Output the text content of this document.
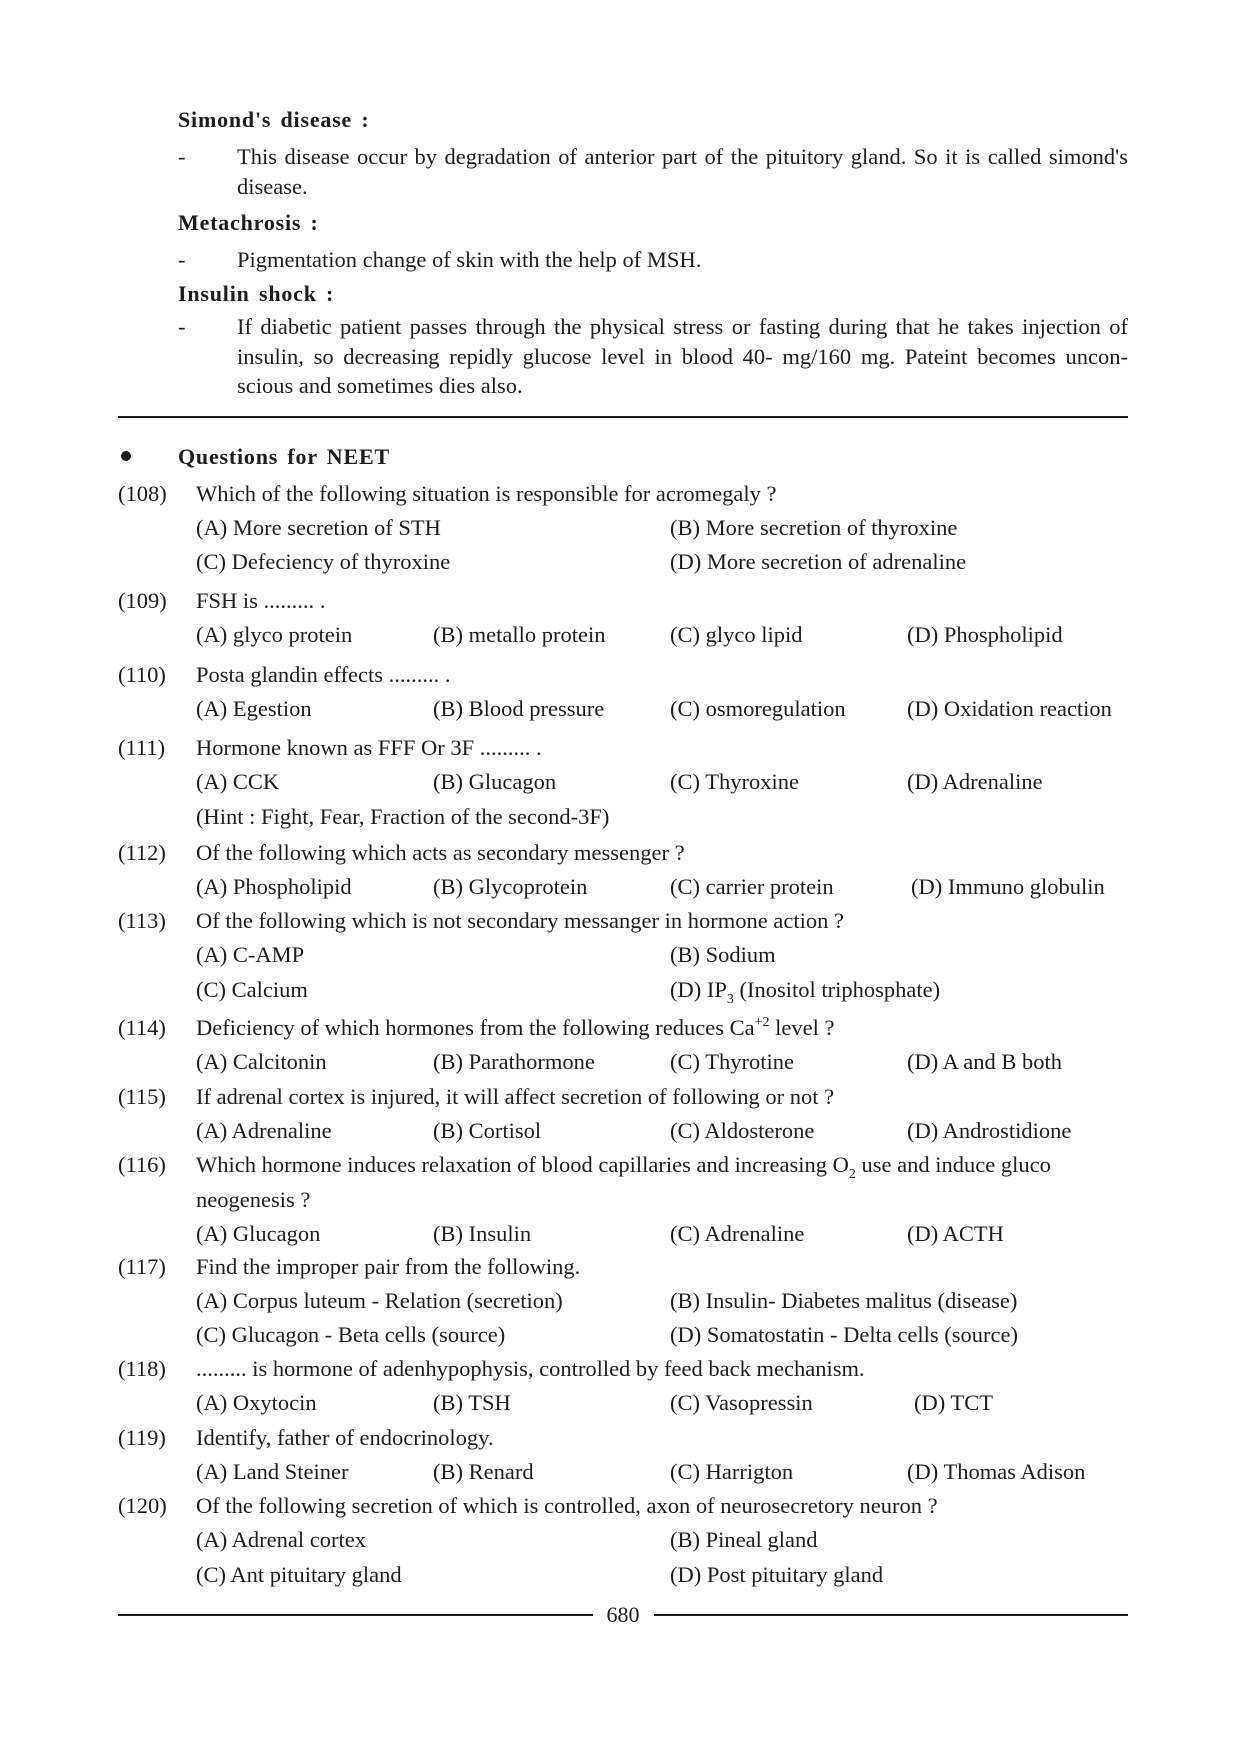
Simond's disease :
- This disease occur by degradation of anterior part of the pituitory gland. So it is called simond's
disease.
Metachrosis :
- Pigmentation change of skin with the help of MSH.
Insulin shock :
- If diabetic patient passes through the physical stress or fasting during that he takes injection of
insulin, so decreasing repidly glucose level in blood 40- mg/160 mg. Pateint becomes uncon-
scious and sometimes dies also.
Questions for NEET
(108) Which of the following situation is responsible for acromegaly ?
(A) More secretion of STH	(B) More secretion of thyroxine
(C) Defeciency of thyroxine	(D) More secretion of adrenaline
(109) FSH is ......... .
(A) glyco protein	(B) metallo protein	(C) glyco lipid	(D) Phospholipid
(110) Posta glandin effects ......... .
(A) Egestion	(B) Blood pressure	(C) osmoregulation	(D) Oxidation reaction
(111) Hormone known as FFF Or 3F ......... .
(A) CCK	(B) Glucagon	(C) Thyroxine	(D) Adrenaline
(Hint : Fight, Fear, Fraction of the second-3F)
(112) Of the following which acts as secondary messenger ?
(A) Phospholipid	(B) Glycoprotein	(C) carrier protein	(D) Immuno globulin
(113) Of the following which is not secondary messanger in hormone action ?
(A) C-AMP	(B) Sodium
(C) Calcium	(D) $IP_3$ (Inositol triphosphate)
(114) Deficiency of which hormones from the following reduces $Ca^{+2}$ level ?
(A) Calcitonin	(B) Parathormone	(C) Thyrotine	(D) A and B both
(115) If adrenal cortex is injured, it will affect secretion of following or not ?
(A) Adrenaline	(B) Cortisol	(C) Aldosterone	(D) Androstidione
(116) Which hormone induces relaxation of blood capillaries and increasing $O_2$ use and induce gluco
neogenesis ?
(A) Glucagon	(B) Insulin	(C) Adrenaline	(D) ACTH
(117) Find the improper pair from the following.
(A) Corpus luteum - Relation (secretion)	(B) Insulin- Diabetes malitus (disease)
(C) Glucagon - Beta cells (source)	(D) Somatostatin - Delta cells (source)
(118) ......... is hormone of adenhypophysis, controlled by feed back mechanism.
(A) Oxytocin	(B) TSH	(C) Vasopressin	(D) TCT
(119) Identify, father of endocrinology.
(A) Land Steiner	(B) Renard	(C) Harrigton	(D) Thomas Adison
(120) Of the following secretion of which is controlled, axon of neurosecretory neuron ?
(A) Adrenal cortex	(B) Pineal gland
(C) Ant pituitary gland	(D) Post pituitary gland
680
